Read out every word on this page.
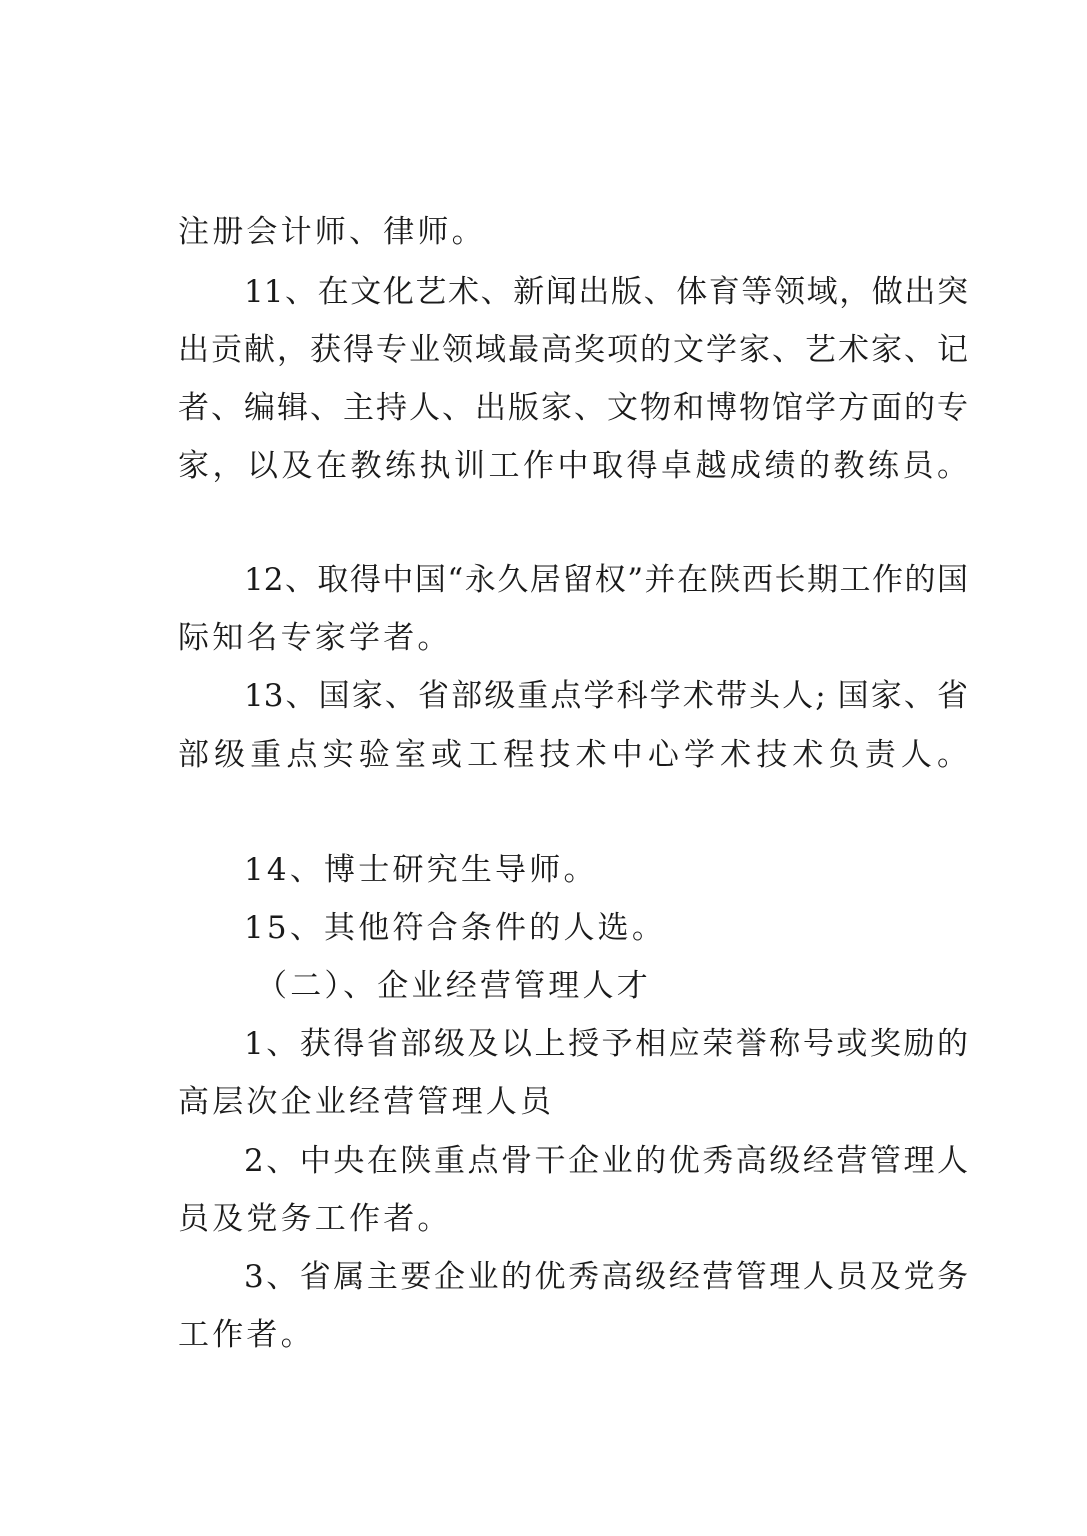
注册会计师、律师。

11、在文化艺术、新闻出版、体育等领域，做出突

出贡献，获得专业领域最高奖项的文学家、艺术家、记

者、编辑、主持人、出版家、文物和博物馆学方面的专

家，以及在教练执训工作中取得卓越成绩的教练员。

12、取得中国“永久居留权”并在陕西长期工作的国

际知名专家学者。

13、国家、省部级重点学科学术带头人; 国家、省

部级重点实验室或工程技术中心学术技术负责人。

14、博士研究生导师。

15、其他符合条件的人选。

（二）、企业经营管理人才

1、获得省部级及以上授予相应荣誉称号或奖励的

高层次企业经营管理人员

2、中央在陕重点骨干企业的优秀高级经营管理人

员及党务工作者。

3、省属主要企业的优秀高级经营管理人员及党务

工作者。
